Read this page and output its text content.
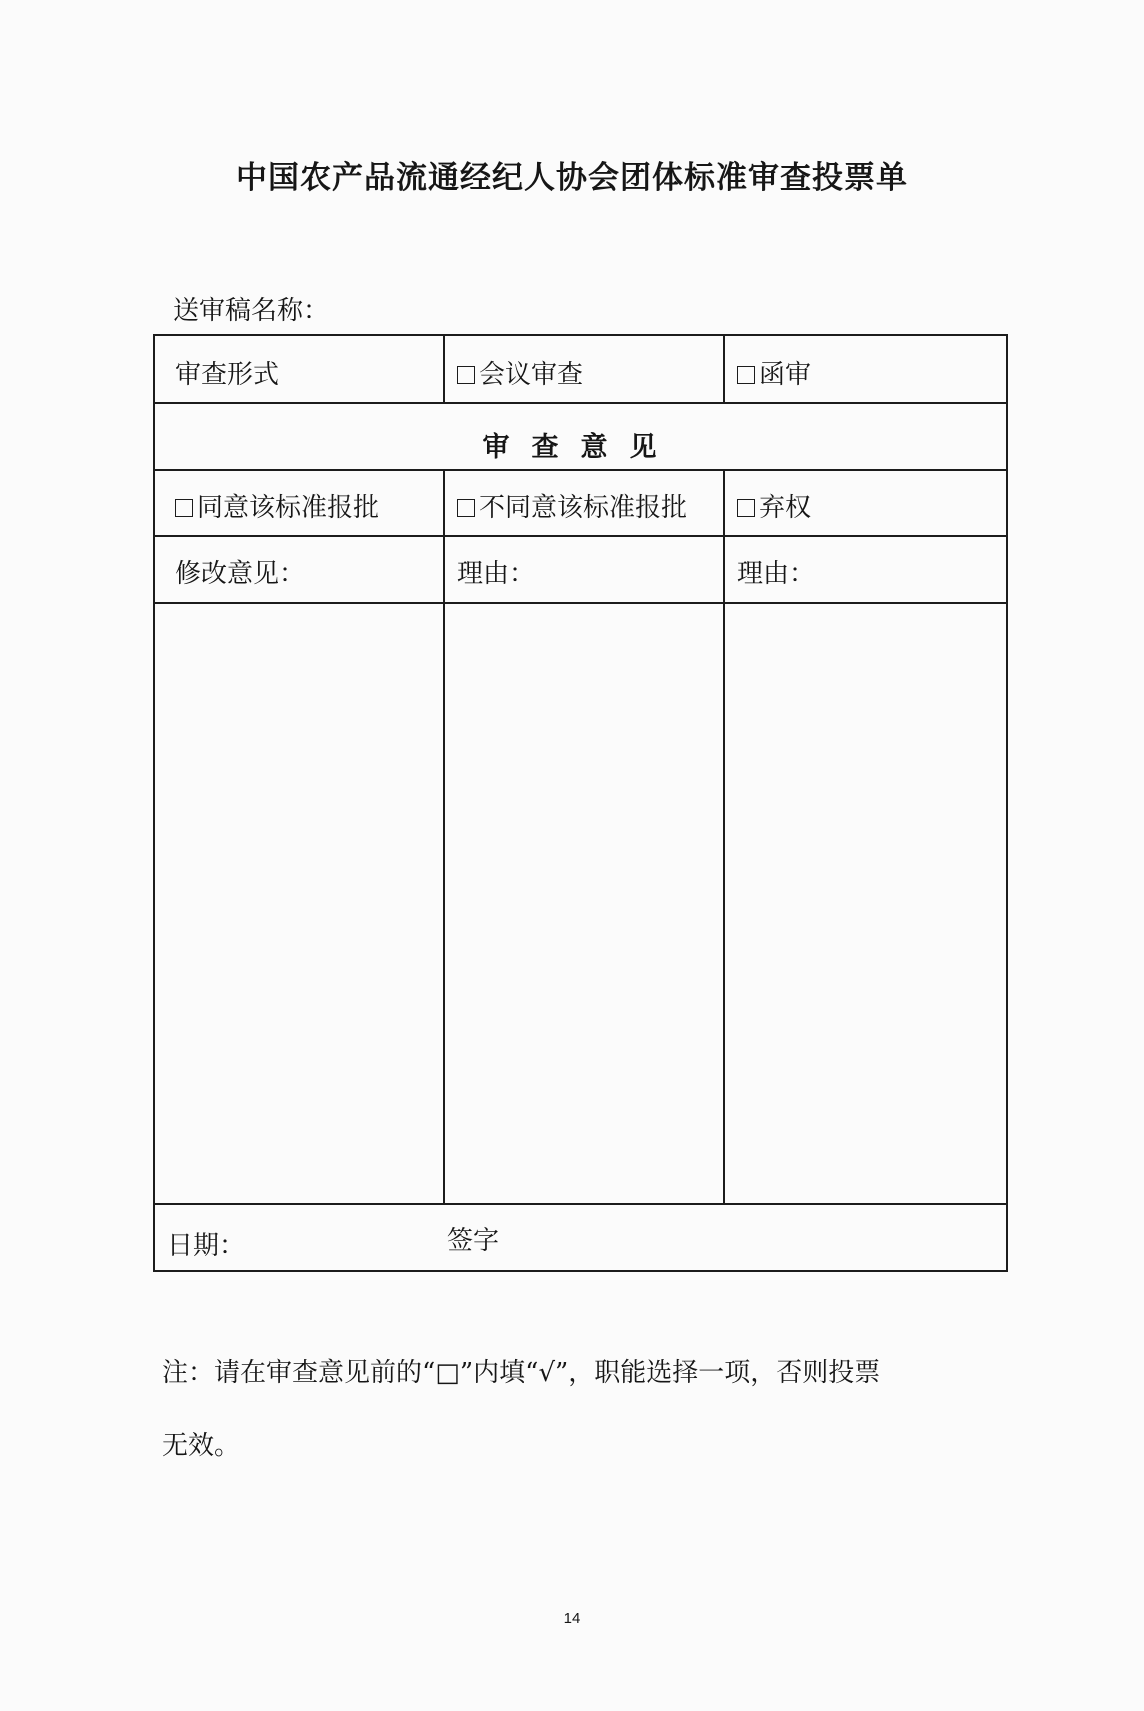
中国农产品流通经纪人协会团体标准审查投票单
送审稿名称：
审查形式	会议审查	函审
审查意见
同意该标准报批	不同意该标准报批	弃权
修改意见：	理由：	理由：
日期：	签字
注：请在审查意见前的“□”内填“√”，职能选择一项，否则投票
无效。
14
